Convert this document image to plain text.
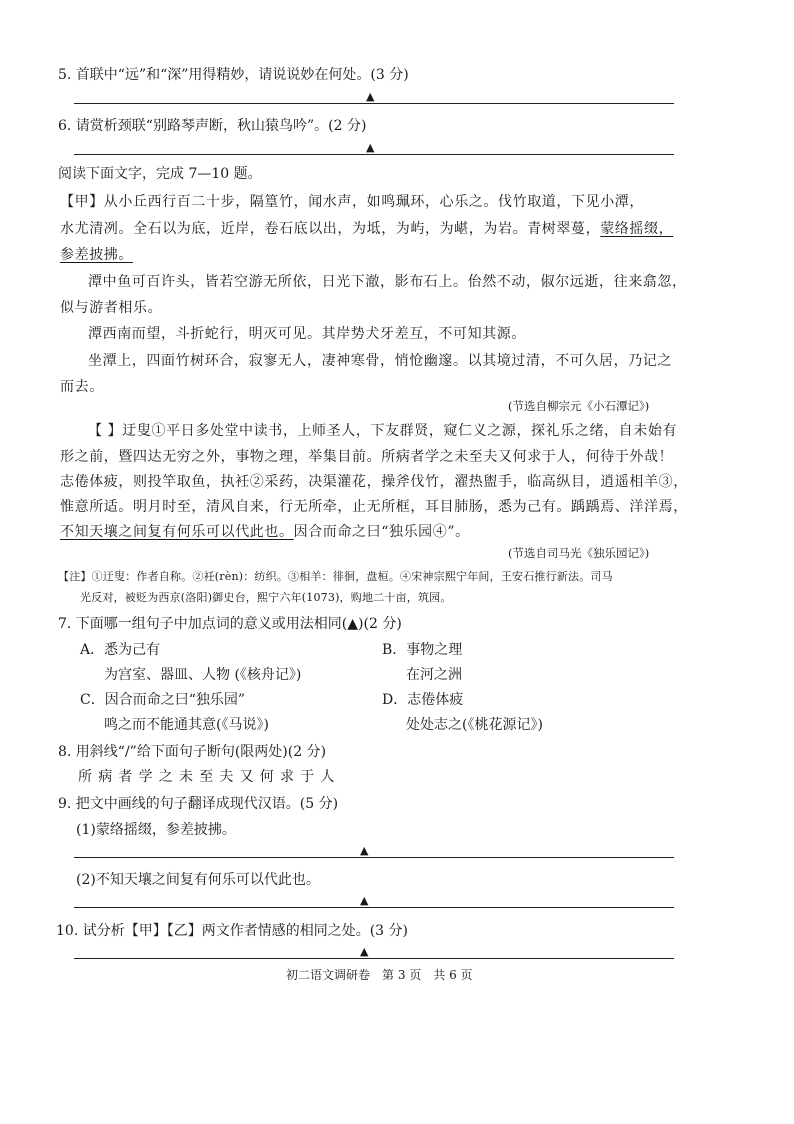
5. 首联中“远”和“深”用得精妙，请说说妙在何处。(3 分)
▲
6. 请赏析颈联“别路琴声断，秋山猿鸟吟”。(2 分)
▲
阅读下面文字，完成 7—10 题。
【甲】从小丘西行百二十步，隔篁竹，闻水声，如鸣珮环，心乐之。伐竹取道，下见小潭，
水尤清冽。全石以为底，近岸，卷石底以出，为坻，为屿，为嵁，为岩。青树翠蔓，蒙络摇缀，
参差披拂。
潭中鱼可百许头，皆若空游无所依，日光下澈，影布石上。佁然不动，俶尔远逝，往来翕忽，
似与游者相乐。
潭西南而望，斗折蛇行，明灭可见。其岸势犬牙差互，不可知其源。
坐潭上，四面竹树环合，寂寥无人，凄神寒骨，悄怆幽邃。以其境过清，不可久居，乃记之
而去。
(节选自柳宗元《小石潭记》)
【 】迂叟①平日多处堂中读书，上师圣人，下友群贤，窥仁义之源，探礼乐之绪，自未始有
形之前，暨四达无穷之外，事物之理，举集目前。所病者学之未至夫又何求于人，何待于外哉！
志倦体疲，则投竿取鱼，执衽②采药，决渠灌花，操斧伐竹，濯热盥手，临高纵目，逍遥相羊③，
惟意所适。明月时至，清风自来，行无所牵，止无所框，耳目肺肠，悉为己有。踽踽焉、洋洋焉，
不知天壤之间复有何乐可以代此也。因合而命之曰“独乐园④”。
(节选自司马光《独乐园记》)
【注】①迂叟：作者自称。②衽(rèn)：纺织。③相羊：徘徊，盘桓。④宋神宗熙宁年间，王安石推行新法。司马
光反对，被贬为西京(洛阳)御史台，熙宁六年(1073)，购地二十亩，筑园。
7. 下面哪一组句子中加点词的意义或用法相同(▲)(2 分)
A．悉为己有
为宫室、器皿、人物 (《核舟记》)
B．事物之理
在河之洲
C．因合而命之曰“独乐园”
鸣之而不能通其意(《马说》)
D．志倦体疲
处处志之(《桃花源记》)
8. 用斜线“/”给下面句子断句(限两处)(2 分)
所病者学之未至夫又何求于人
9. 把文中画线的句子翻译成现代汉语。(5 分)
(1)蒙络摇缀，参差披拂。
▲
(2)不知天壤之间复有何乐可以代此也。
▲
10. 试分析【甲】【乙】两文作者情感的相同之处。(3 分)
▲
初二语文调研卷　第 3 页　共 6 页
